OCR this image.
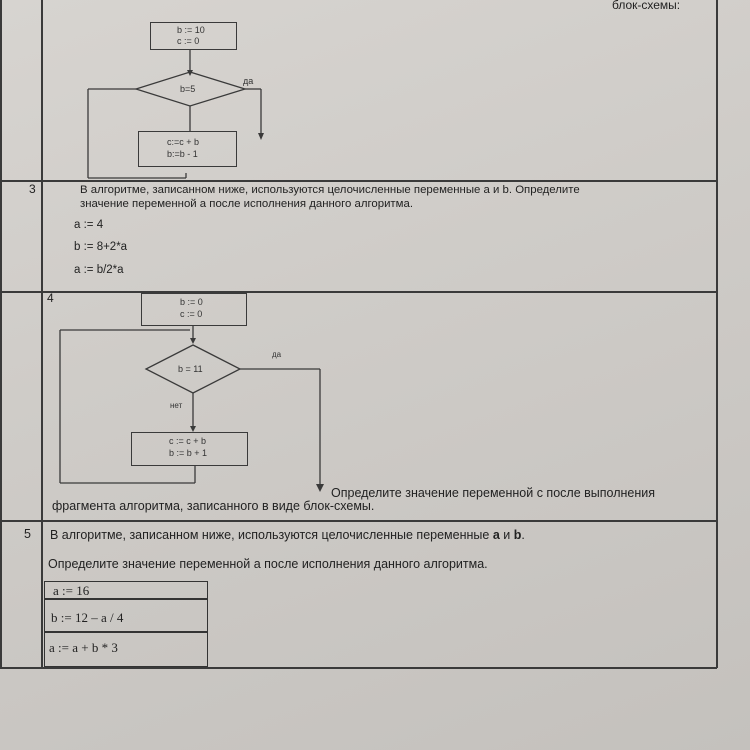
блок-схемы:
b := 10
c := 0
b=5
да
c:=c + b
b:=b - 1
3	В алгоритме, записанном ниже, используются целочисленные переменные a и b. Определите
значение переменной a после исполнения данного алгоритма.
a := 4
b := 8+2*a
a := b/2*a
4	b := 0
c := 0
b = 11
да
нет
c := c + b
b := b + 1
Определите значение переменной c после выполнения
фрагмента алгоритма, записанного в виде блок-схемы.
5 В алгоритме, записанном ниже, используются целочисленные переменные a и b.
Определите значение переменной a после исполнения данного алгоритма.
a := 16
b := 12 – a / 4
a := a + b * 3
